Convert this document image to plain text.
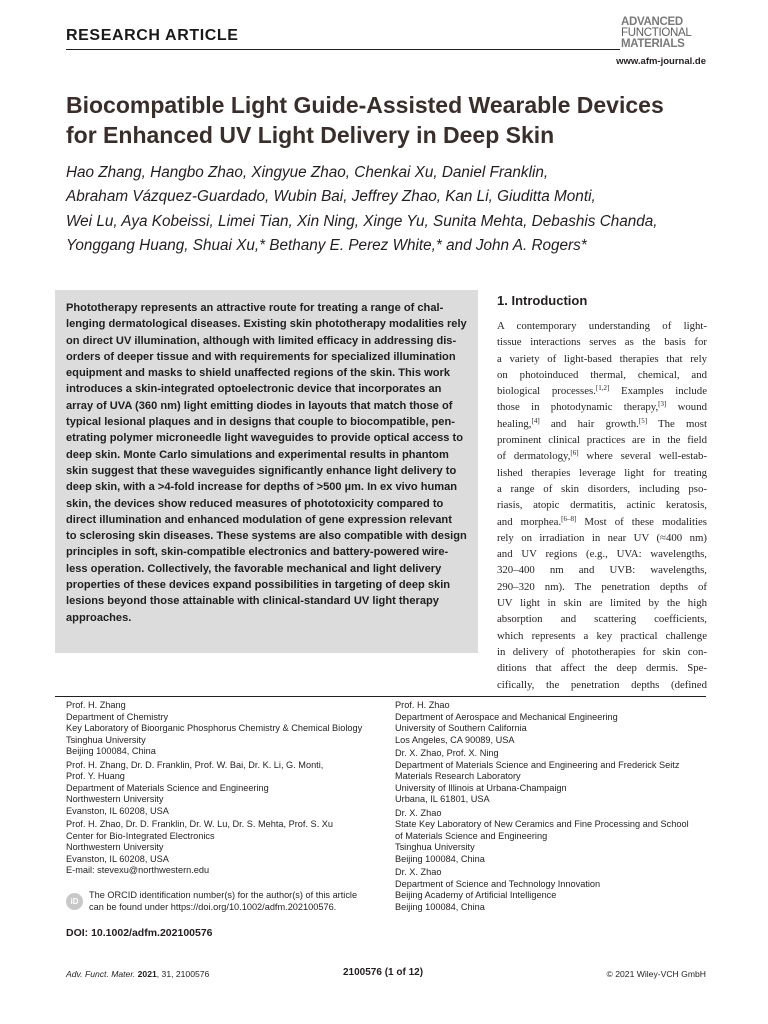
RESEARCH ARTICLE
ADVANCED
FUNCTIONAL
MATERIALS
www.afm-journal.de
Biocompatible Light Guide-Assisted Wearable Devices
for Enhanced UV Light Delivery in Deep Skin
Hao Zhang, Hangbo Zhao, Xingyue Zhao, Chenkai Xu, Daniel Franklin,
Abraham Vázquez-Guardado, Wubin Bai, Jeffrey Zhao, Kan Li, Giuditta Monti,
Wei Lu, Aya Kobeissi, Limei Tian, Xin Ning, Xinge Yu, Sunita Mehta, Debashis Chanda,
Yonggang Huang, Shuai Xu,* Bethany E. Perez White,* and John A. Rogers*
Phototherapy represents an attractive route for treating a range of chal-
lenging dermatological diseases. Existing skin phototherapy modalities rely
on direct UV illumination, although with limited efficacy in addressing dis-
orders of deeper tissue and with requirements for specialized illumination
equipment and masks to shield unaffected regions of the skin. This work
introduces a skin-integrated optoelectronic device that incorporates an
array of UVA (360 nm) light emitting diodes in layouts that match those of
typical lesional plaques and in designs that couple to biocompatible, pen-
etrating polymer microneedle light waveguides to provide optical access to
deep skin. Monte Carlo simulations and experimental results in phantom
skin suggest that these waveguides significantly enhance light delivery to
deep skin, with a >4-fold increase for depths of >500 µm. In ex vivo human
skin, the devices show reduced measures of phototoxicity compared to
direct illumination and enhanced modulation of gene expression relevant
to sclerosing skin diseases. These systems are also compatible with design
principles in soft, skin-compatible electronics and battery-powered wire-
less operation. Collectively, the favorable mechanical and light delivery
properties of these devices expand possibilities in targeting of deep skin
lesions beyond those attainable with clinical-standard UV light therapy
approaches.
1. Introduction
A contemporary understanding of light-
tissue interactions serves as the basis for
a variety of light-based therapies that rely
on photoinduced thermal, chemical, and
biological processes.[1,2] Examples include
those in photodynamic therapy,[3] wound
healing,[4] and hair growth.[5] The most
prominent clinical practices are in the field
of dermatology,[6] where several well-estab-
lished therapies leverage light for treating
a range of skin disorders, including pso-
riasis, atopic dermatitis, actinic keratosis,
and morphea.[6–8] Most of these modalities
rely on irradiation in near UV (≈400 nm)
and UV regions (e.g., UVA: wavelengths,
320–400 nm and UVB: wavelengths,
290–320 nm). The penetration depths of
UV light in skin are limited by the high
absorption and scattering coefficients,
which represents a key practical challenge
in delivery of phototherapies for skin con-
ditions that affect the deep dermis. Spe-
cifically, the penetration depths (defined
Prof. H. Zhang
Department of Chemistry
Key Laboratory of Bioorganic Phosphorus Chemistry & Chemical Biology
Tsinghua University
Beijing 100084, China
Prof. H. Zhang, Dr. D. Franklin, Prof. W. Bai, Dr. K. Li, G. Monti,
Prof. Y. Huang
Department of Materials Science and Engineering
Northwestern University
Evanston, IL 60208, USA
Prof. H. Zhao, Dr. D. Franklin, Dr. W. Lu, Dr. S. Mehta, Prof. S. Xu
Center for Bio-Integrated Electronics
Northwestern University
Evanston, IL 60208, USA
E-mail: stevexu@northwestern.edu
Prof. H. Zhao
Department of Aerospace and Mechanical Engineering
University of Southern California
Los Angeles, CA 90089, USA
Dr. X. Zhao, Prof. X. Ning
Department of Materials Science and Engineering and Frederick Seitz
Materials Research Laboratory
University of Illinois at Urbana-Champaign
Urbana, IL 61801, USA
Dr. X. Zhao
State Key Laboratory of New Ceramics and Fine Processing and School
of Materials Science and Engineering
Tsinghua University
Beijing 100084, China
Dr. X. Zhao
Department of Science and Technology Innovation
Beijing Academy of Artificial Intelligence
Beijing 100084, China
iD
The ORCID identification number(s) for the author(s) of this article
can be found under https://doi.org/10.1002/adfm.202100576.
DOI: 10.1002/adfm.202100576
Adv. Funct. Mater. 2021, 31, 2100576	2100576 (1 of 12)	© 2021 Wiley-VCH GmbH
